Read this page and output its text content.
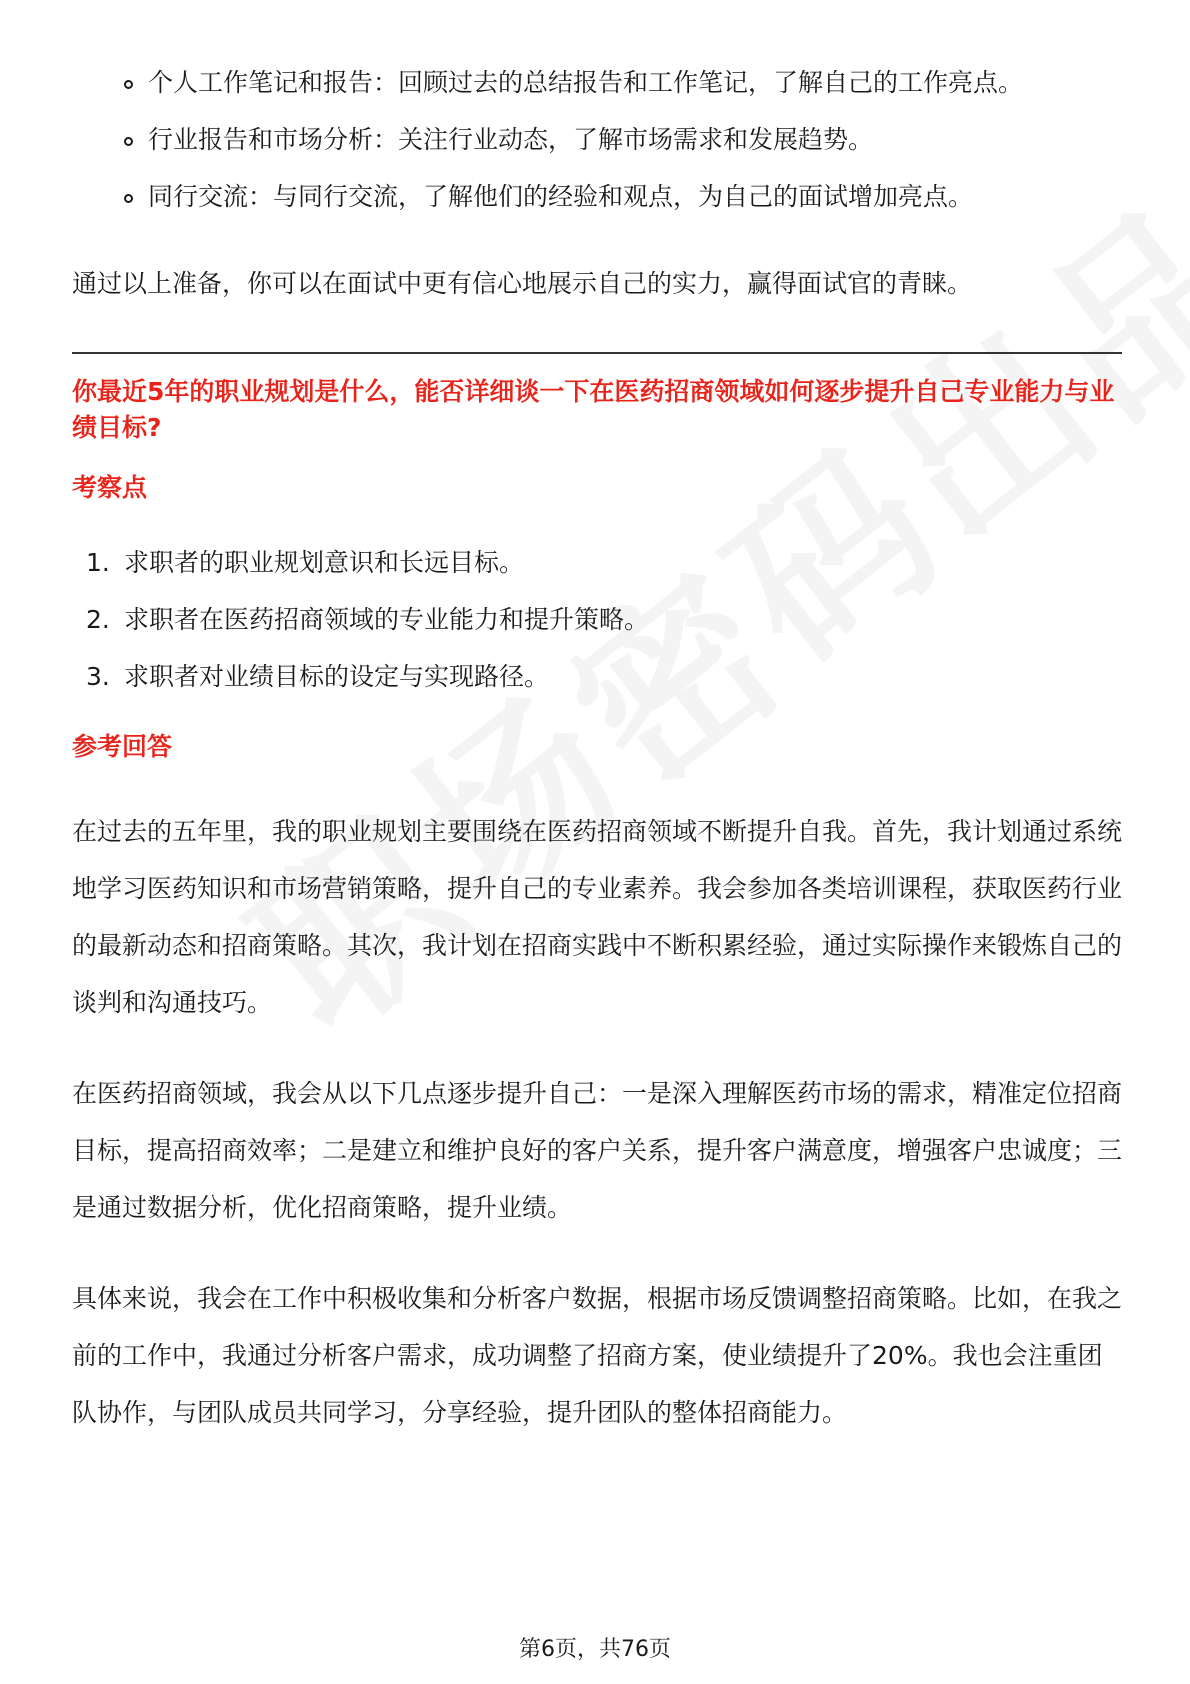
个人工作笔记和报告：回顾过去的总结报告和工作笔记，了解自己的工作亮点。
行业报告和市场分析：关注行业动态，了解市场需求和发展趋势。
同行交流：与同行交流，了解他们的经验和观点，为自己的面试增加亮点。

通过以上准备，你可以在面试中更有信心地展示自己的实力，赢得面试官的青睐。

你最近5年的职业规划是什么，能否详细谈一下在医药招商领域如何逐步提升自己专业能力与业绩目标?

考察点

1. 求职者的职业规划意识和长远目标。
2. 求职者在医药招商领域的专业能力和提升策略。
3. 求职者对业绩目标的设定与实现路径。

参考回答

在过去的五年里，我的职业规划主要围绕在医药招商领域不断提升自我。首先，我计划通过系统地学习医药知识和市场营销策略，提升自己的专业素养。我会参加各类培训课程，获取医药行业的最新动态和招商策略。其次，我计划在招商实践中不断积累经验，通过实际操作来锻炼自己的谈判和沟通技巧。

在医药招商领域，我会从以下几点逐步提升自己：一是深入理解医药市场的需求，精准定位招商目标，提高招商效率；二是建立和维护良好的客户关系，提升客户满意度，增强客户忠诚度；三是通过数据分析，优化招商策略，提升业绩。

具体来说，我会在工作中积极收集和分析客户数据，根据市场反馈调整招商策略。比如，在我之前的工作中，我通过分析客户需求，成功调整了招商方案，使业绩提升了20%。我也会注重团队协作，与团队成员共同学习，分享经验，提升团队的整体招商能力。

第6页，共76页
